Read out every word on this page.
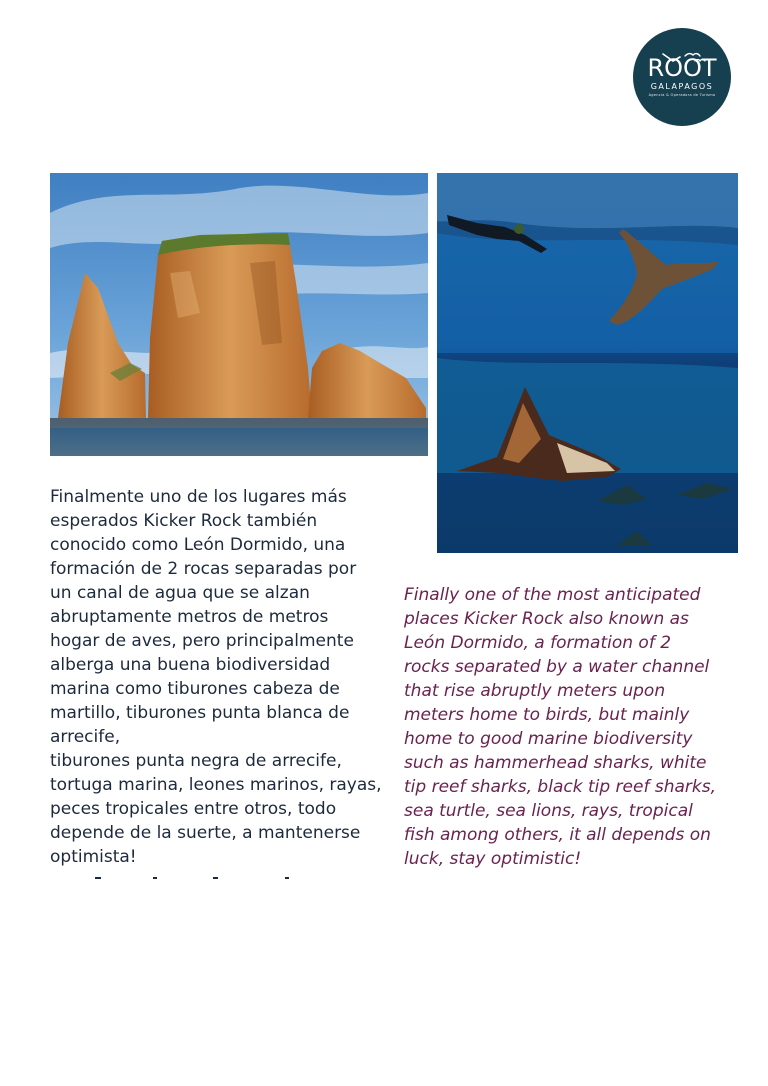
ROOT
GALAPAGOS
Agencia & Operadora de Turismo

Finalmente uno de los lugares más
esperados Kicker Rock también
conocido como León Dormido, una
formación de 2 rocas separadas por
un canal de agua que se alzan
abruptamente metros de metros
hogar de aves, pero principalmente
alberga una buena biodiversidad
marina como tiburones cabeza de
martillo, tiburones punta blanca de
arrecife,
tiburones punta negra de arrecife,
tortuga marina, leones marinos, rayas,
peces tropicales entre otros, todo
depende de la suerte, a mantenerse
optimista!

Finally one of the most anticipated
places Kicker Rock also known as
León Dormido, a formation of 2
rocks separated by a water channel
that rise abruptly meters upon
meters home to birds, but mainly
home to good marine biodiversity
such as hammerhead sharks, white
tip reef sharks, black tip reef sharks,
sea turtle, sea lions, rays, tropical
fish among others, it all depends on
luck, stay optimistic!
